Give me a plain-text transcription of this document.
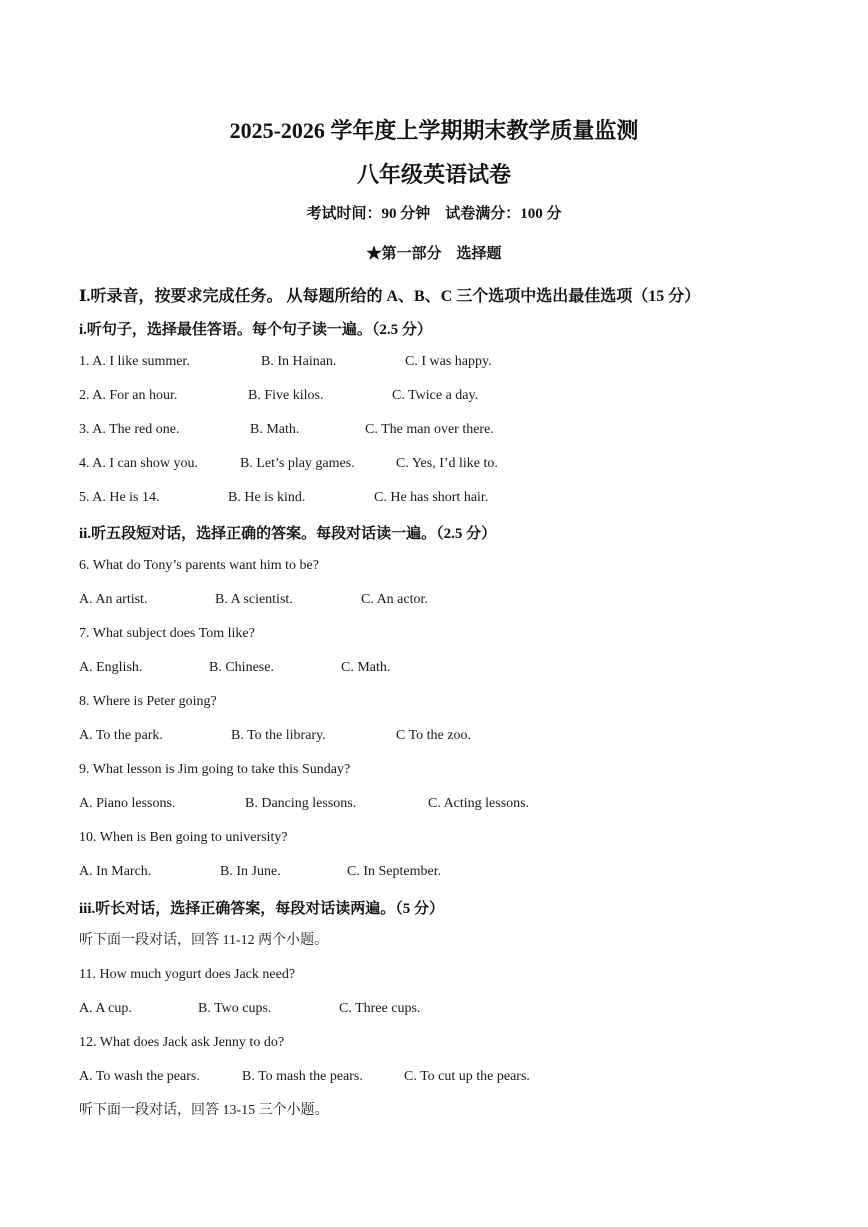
2025-2026 学年度上学期期末教学质量监测
八年级英语试卷
考试时间：90 分钟    试卷满分：100 分
★第一部分    选择题
Ⅰ.听录音，按要求完成任务。 从每题所给的 A、B、C 三个选项中选出最佳选项（15 分）
i.听句子，选择最佳答语。每个句子读一遍。（2.5 分）
1. A. I like summer.	B. In Hainan.	C. I was happy.
2. A. For an hour.	B. Five kilos.	C. Twice a day.
3. A. The red one.	B. Math.	C. The man over there.
4. A. I can show you.	B. Let’s play games.	C. Yes, I’d like to.
5. A. He is 14.	B. He is kind.	C. He has short hair.
ii.听五段短对话，选择正确的答案。每段对话读一遍。（2.5 分）
6. What do Tony’s parents want him to be?
A. An artist.	B. A scientist.	C. An actor.
7. What subject does Tom like?
A. English.	B. Chinese.	C. Math.
8. Where is Peter going?
A. To the park.	B. To the library.	C To the zoo.
9. What lesson is Jim going to take this Sunday?
A. Piano lessons.	B. Dancing lessons.	C. Acting lessons.
10. When is Ben going to university?
A. In March.	B. In June.	C. In September.
iii.听长对话，选择正确答案，每段对话读两遍。（5 分）
听下面一段对话，回答 11-12 两个小题。
11. How much yogurt does Jack need?
A. A cup.	B. Two cups.	C. Three cups.
12. What does Jack ask Jenny to do?
A. To wash the pears.	B. To mash the pears.	C. To cut up the pears.
听下面一段对话，回答 13-15 三个小题。
